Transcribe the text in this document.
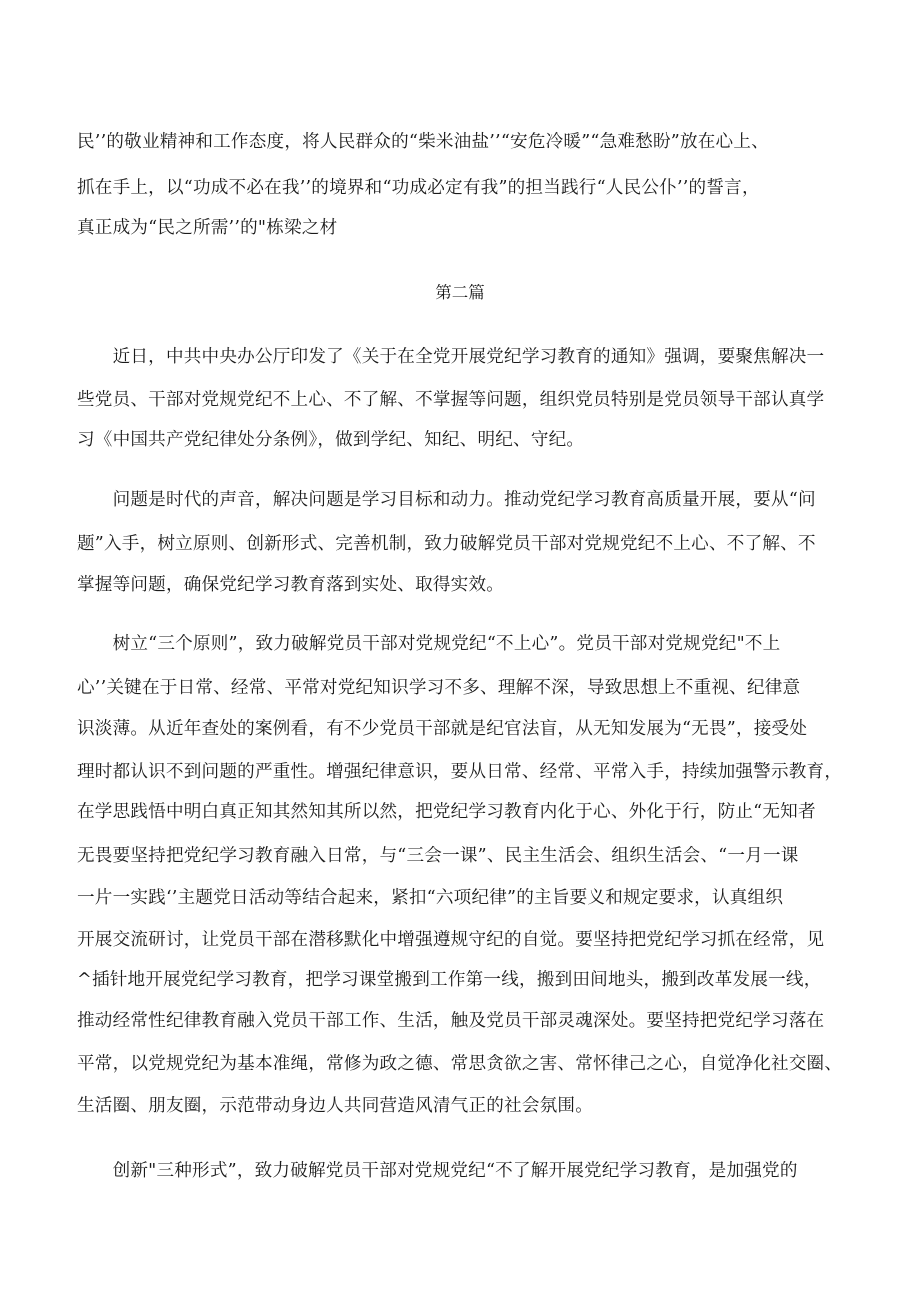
民’’的敬业精神和工作态度，将人民群众的“柴米油盐’’“安危冷暖”“急难愁盼”放在心上、
抓在手上，以“功成不必在我’’的境界和“功成必定有我”的担当践行“人民公仆’’的誓言，
真正成为“民之所需’’的"栋梁之材
第二篇
　　近日，中共中央办公厅印发了《关于在全党开展党纪学习教育的通知》强调，要聚焦解决一
些党员、干部对党规党纪不上心、不了解、不掌握等问题，组织党员特别是党员领导干部认真学
习《中国共产党纪律处分条例》，做到学纪、知纪、明纪、守纪。
　　问题是时代的声音，解决问题是学习目标和动力。推动党纪学习教育高质量开展，要从“问
题”入手，树立原则、创新形式、完善机制，致力破解党员干部对党规党纪不上心、不了解、不
掌握等问题，确保党纪学习教育落到实处、取得实效。
　　树立“三个原则”，致力破解党员干部对党规党纪“不上心”。党员干部对党规党纪"不上
心’’关键在于日常、经常、平常对党纪知识学习不多、理解不深，导致思想上不重视、纪律意
识淡薄。从近年查处的案例看，有不少党员干部就是纪官法盲，从无知发展为“无畏”，接受处
理时都认识不到问题的严重性。增强纪律意识，要从日常、经常、平常入手，持续加强警示教育，
在学思践悟中明白真正知其然知其所以然，把党纪学习教育内化于心、外化于行，防止“无知者
无畏要坚持把党纪学习教育融入日常，与“三会一课”、民主生活会、组织生活会、“一月一课
一片一实践‘’主题党日活动等结合起来，紧扣“六项纪律”的主旨要义和规定要求，认真组织
开展交流研讨，让党员干部在潜移默化中增强遵规守纪的自觉。要坚持把党纪学习抓在经常，见
^插针地开展党纪学习教育，把学习课堂搬到工作第一线，搬到田间地头，搬到改革发展一线，
推动经常性纪律教育融入党员干部工作、生活，触及党员干部灵魂深处。要坚持把党纪学习落在
平常，以党规党纪为基本准绳，常修为政之德、常思贪欲之害、常怀律己之心，自觉净化社交圈、
生活圈、朋友圈，示范带动身边人共同营造风清气正的社会氛围。
　　创新"三种形式”，致力破解党员干部对党规党纪“不了解开展党纪学习教育，是加强党的
